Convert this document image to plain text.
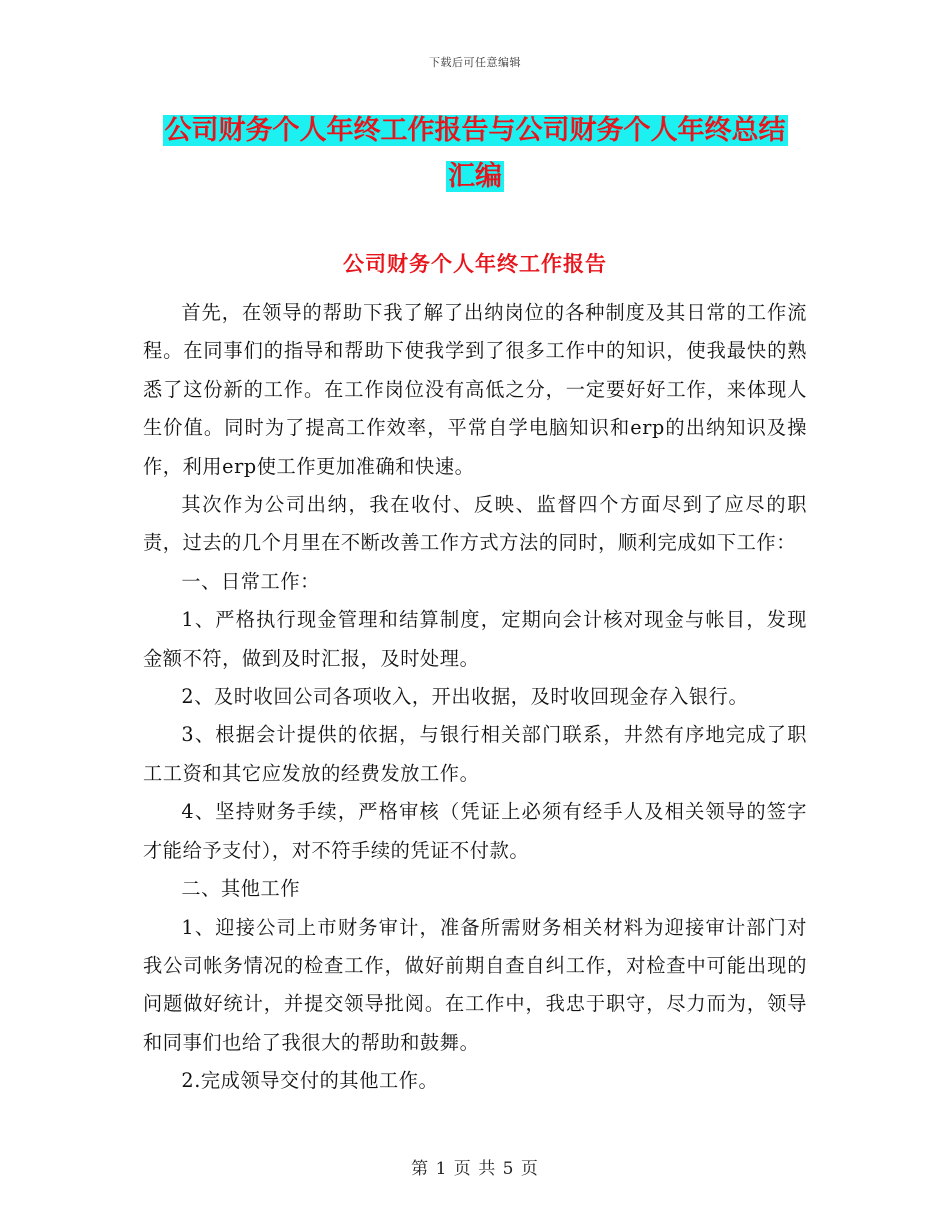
下载后可任意编辑
公司财务个人年终工作报告与公司财务个人年终总结
汇编
公司财务个人年终工作报告

首先，在领导的帮助下我了解了出纳岗位的各种制度及其日常的工作流程。在同事们的指导和帮助下使我学到了很多工作中的知识，使我最快的熟悉了这份新的工作。在工作岗位没有高低之分，一定要好好工作，来体现人生价值。同时为了提高工作效率，平常自学电脑知识和erp的出纳知识及操作，利用erp使工作更加准确和快速。

其次作为公司出纳，我在收付、反映、监督四个方面尽到了应尽的职责，过去的几个月里在不断改善工作方式方法的同时，顺利完成如下工作：

一、日常工作：

1、严格执行现金管理和结算制度，定期向会计核对现金与帐目，发现金额不符，做到及时汇报，及时处理。

2、及时收回公司各项收入，开出收据，及时收回现金存入银行。

3、根据会计提供的依据，与银行相关部门联系，井然有序地完成了职工工资和其它应发放的经费发放工作。

4、坚持财务手续，严格审核（凭证上必须有经手人及相关领导的签字才能给予支付），对不符手续的凭证不付款。

二、其他工作

1、迎接公司上市财务审计，准备所需财务相关材料为迎接审计部门对我公司帐务情况的检查工作，做好前期自查自纠工作，对检查中可能出现的问题做好统计，并提交领导批阅。在工作中，我忠于职守，尽力而为，领导和同事们也给了我很大的帮助和鼓舞。

2.完成领导交付的其他工作。

第 1 页 共 5 页
